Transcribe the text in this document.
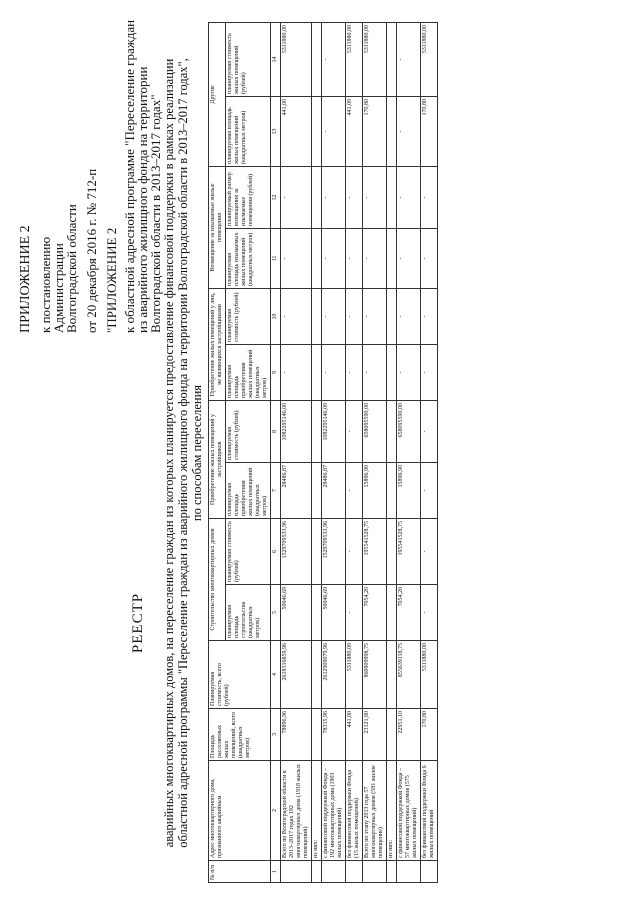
ПРИЛОЖЕНИЕ 2 к постановлению
Администрации
Волгоградской области от 20 декабря 2016 г. № 712-п "ПРИЛОЖЕНИЕ 2 к областной адресной программе "Переселение граждан
из аварийного жилищного фонда на территории
Волгоградской области в 2013–2017 годах"
РЕЕСТР аварийных многоквартирных домов, на переселение граждан из которых планируется предоставление финансовой поддержки в рамках реализации областной адресной программы "Переселение граждан из аварийного жилищного фонда на территории Волгоградской области в 2013–2017 годах", по способам переселения
№ п/п	Адрес многоквартирного дома, признанного аварийным	Площадь расселяемых жилых помещений, всего (квадратных метров)	Планируемая стоимость, всего (рублей)	Строительство многоквартирных домов		Приобретение жилых помещений у застройщиков		Приобретение жилых помещений у лиц, не являющихся застройщиками		Возмещение за изымаемые жилые помещения		Другие	
				планируемая площадь строительства (квадратных метров)	планируемая стоимость (рублей)	планируемая площадь приобретения жилых помещений (квадратных метров)	планируемая стоимость (рублей)	планируемая площадь приобретения жилых помещений (квадратных метров)	планируемая стоимость (рублей)	планируемая площадь изымаемых жилых помещений (квадратных метров)	планируемый размер возмещения за изымаемые помещения (рублей)	планируемая площадь жилых помещений (квадратных метров)	планируемая стоимость жилых помещений (рублей)
1	2	3	4	5	6	7	8	9	10	11	12	13	14
	Всего по Волгоградской области в 2013–2017 годах 192 многоквартирных дома (1918 жилых помещений)	78896,96	2618316859,96	50046,69	1529709533,96	28486,87	1082295146,00	-	-	-	-	441,00	5311880,00
	из них:												
	с финансовой поддержкой Фонда – 192 многоквартирных дома (1903 жилых помещений)	78315,96	2612909079,96	50046,69	1529709533,96	28486,87	1082295146,00	-	-	-	-	-	-
	без финансовой поддержки Фонда (15 жилых помещений)	441,00	5311880,00	-	-	-	-	-	-	-	-	441,00	5311880,00
	Всего по этапу 2013 года 57 многоквартирных домов (581 жилое помещение)	23121,80	860909998,75	7054,20	195541528,75	15896,90	658095590,00	-	-	-	-	170,80	5311880,00
	из них:												
	с финансовой поддержкой Фонда – 57 многоквартирных домов (575 жилых помещений)	22951,10	855639118,75	7054,20	195541528,75	15896,90	658095590,00	-	-	-	-	-	-
	без финансовой поддержки Фонда 6 жилых помещений	170,80	5311880,00	-	-	-	-	-	-	-	-	170,80	5311880,00
